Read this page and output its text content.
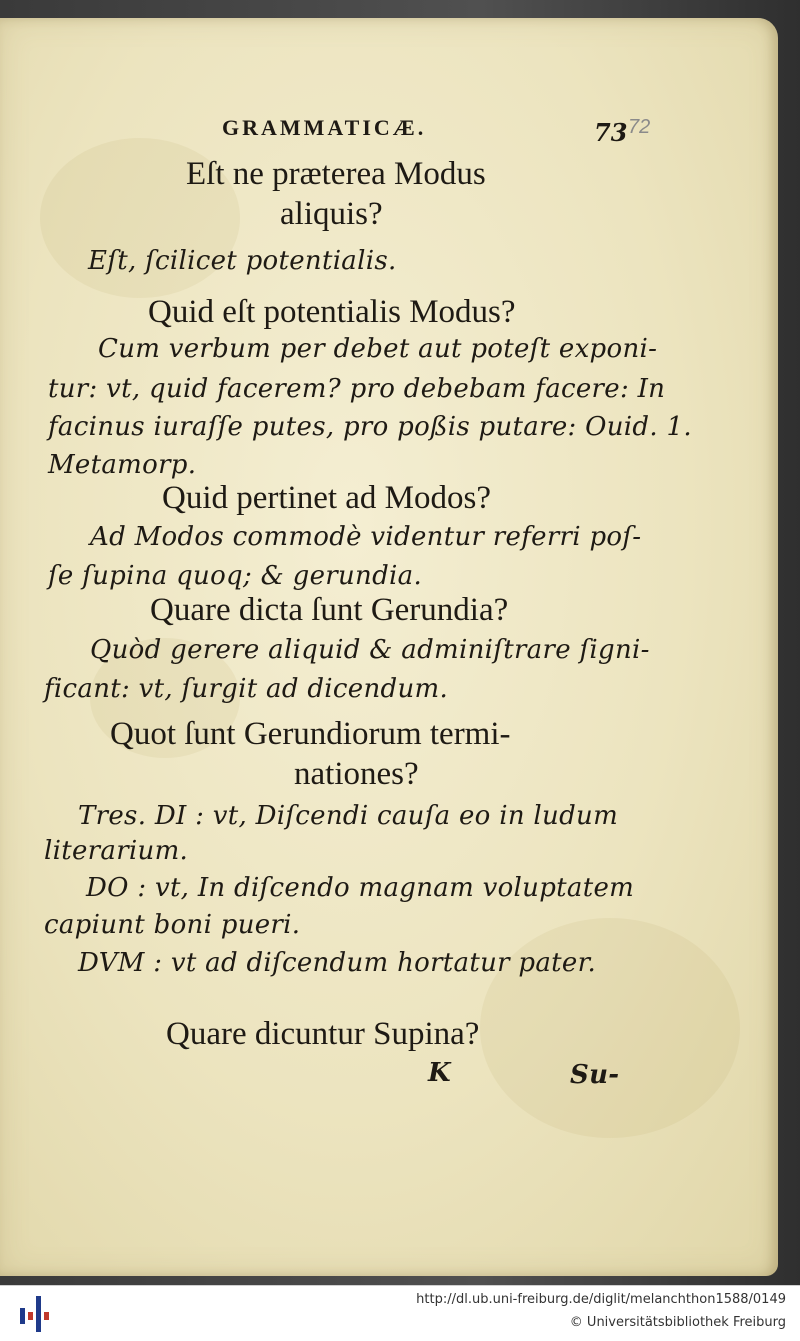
GRAMMATICÆ.	73 72
Eſt ne præterea Modus
aliquis?
Eſt, ſcilicet potentialis.
Quid eſt potentialis Modus?
Cum verbum per debet aut poteſt exponi-
tur: vt, quid facerem? pro debebam facere: In
facinus iuraſſe putes, pro poßis putare: Ouid. 1.
Metamorp.
Quid pertinet ad Modos?
Ad Modos commodè videntur referri poſ-
ſe ſupina quoq; & gerundia.
Quare dicta ſunt Gerundia?
Quòd gerere aliquid & adminiſtrare ſigni-
ficant: vt, ſurgit ad dicendum.
Quot ſunt Gerundiorum termi-
nationes?
Tres. DI : vt, Diſcendi cauſa eo in ludum
literarium.
DO : vt, In diſcendo magnam voluptatem
capiunt boni pueri.
DVM : vt ad diſcendum hortatur pater.
Quare dicuntur Supina?
K	Su-
http://dl.ub.uni-freiburg.de/diglit/melanchthon1588/0149
© Universitätsbibliothek Freiburg
